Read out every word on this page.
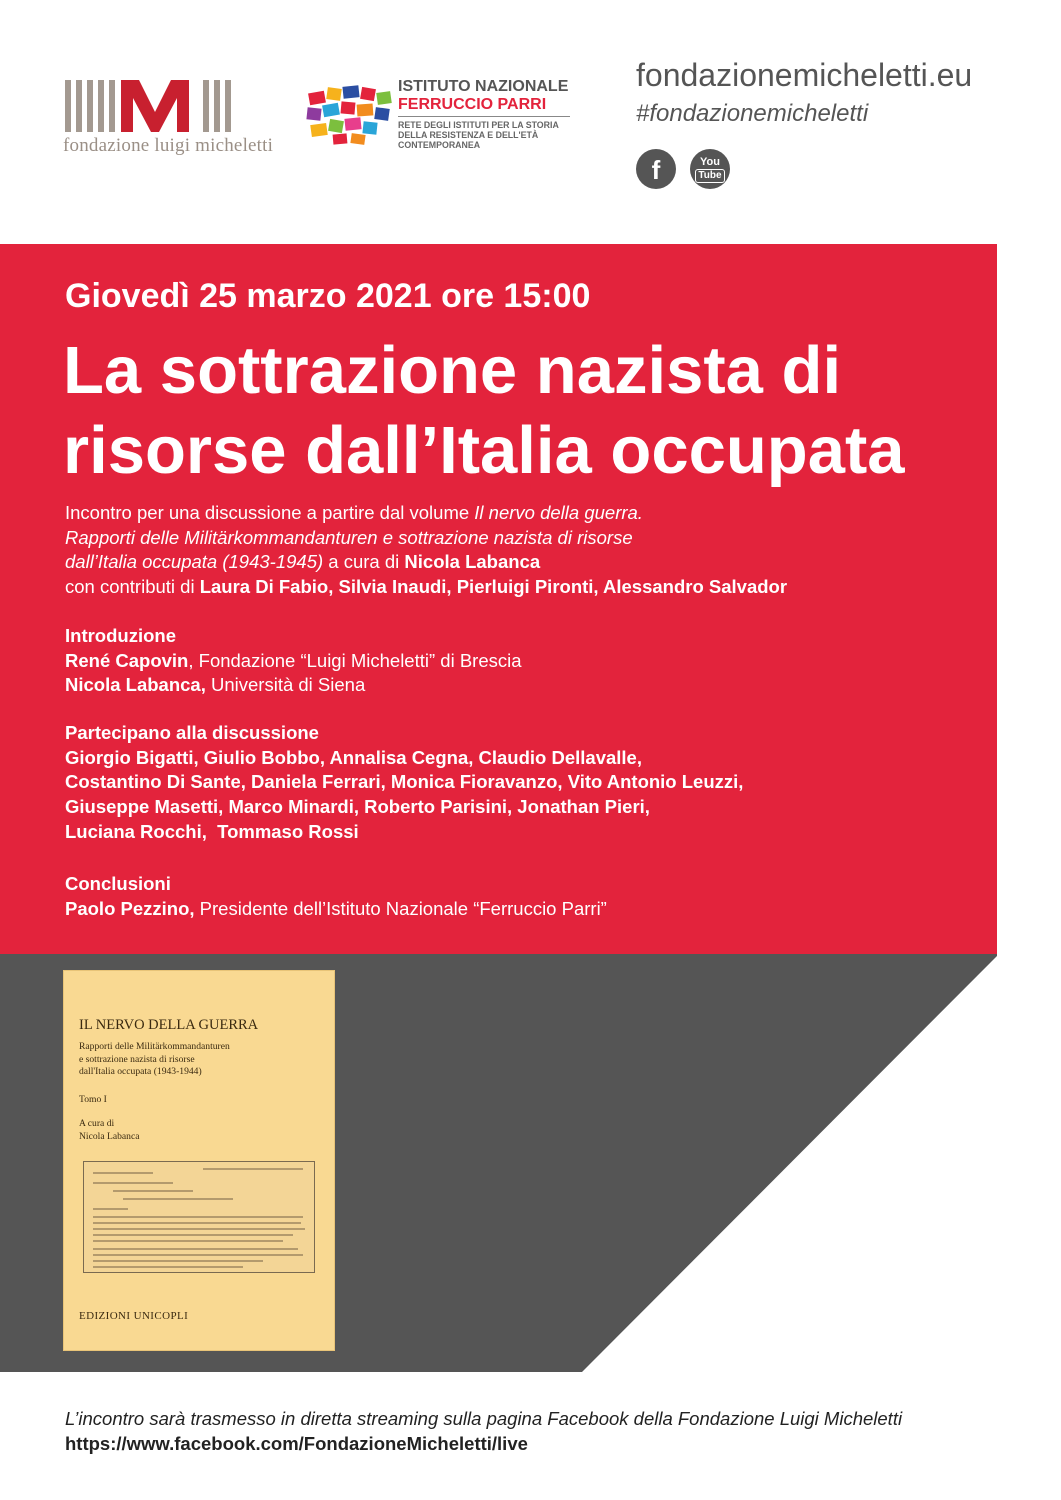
fondazione luigi micheletti
ISTITUTO NAZIONALE
FERRUCCIO PARRI
RETE DEGLI ISTITUTI PER LA STORIA
DELLA RESISTENZA E DELL'ETÀ
CONTEMPORANEA
fondazionemicheletti.eu
#fondazionemicheletti
f	You
Tube
Giovedì 25 marzo 2021 ore 15:00
La sottrazione nazista di risorse dall’Italia occupata
Incontro per una discussione a partire dal volume Il nervo della guerra.
Rapporti delle Militärkommandanturen e sottrazione nazista di risorse
dall’Italia occupata (1943-1945) a cura di Nicola Labanca
con contributi di Laura Di Fabio, Silvia Inaudi, Pierluigi Pironti, Alessandro Salvador
Introduzione
René Capovin, Fondazione “Luigi Micheletti” di Brescia
Nicola Labanca, Università di Siena
Partecipano alla discussione
Giorgio Bigatti, Giulio Bobbo, Annalisa Cegna, Claudio Dellavalle,
Costantino Di Sante, Daniela Ferrari, Monica Fioravanzo, Vito Antonio Leuzzi,
Giuseppe Masetti, Marco Minardi, Roberto Parisini, Jonathan Pieri,
Luciana Rocchi,  Tommaso Rossi
Conclusioni
Paolo Pezzino, Presidente dell’Istituto Nazionale “Ferruccio Parri”
IL NERVO DELLA GUERRA
Rapporti delle Militärkommandanturen
e sottrazione nazista di risorse
dall'Italia occupata (1943-1944)
Tomo I
A cura di
Nicola Labanca
EDIZIONI UNICOPLI
L’incontro sarà trasmesso in diretta streaming sulla pagina Facebook della Fondazione Luigi Micheletti
https://www.facebook.com/FondazioneMicheletti/live
